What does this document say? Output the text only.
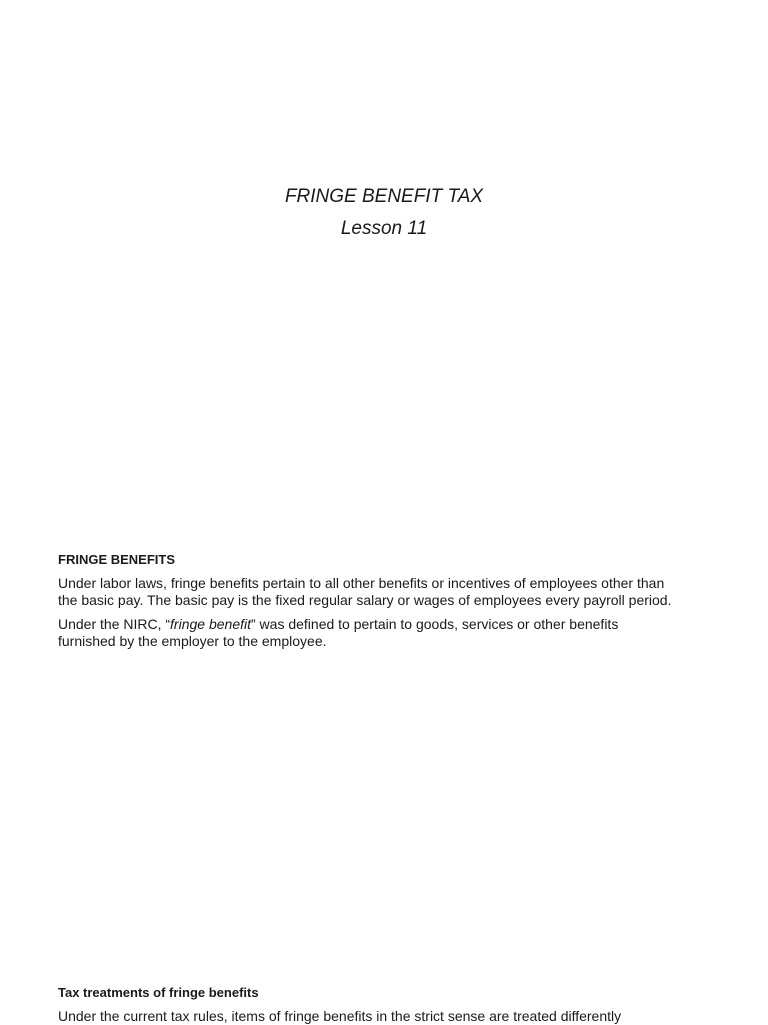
FRINGE BENEFIT TAX
Lesson 11
FRINGE BENEFITS
Under labor laws, fringe benefits pertain to all other benefits or incentives of employees other than
the basic pay. The basic pay is the fixed regular salary or wages of employees every payroll period.
Under the NIRC, “fringe benefit” was defined to pertain to goods, services or other benefits
furnished by the employer to the employee.
Tax treatments of fringe benefits
Under the current tax rules, items of fringe benefits in the strict sense are treated differently
